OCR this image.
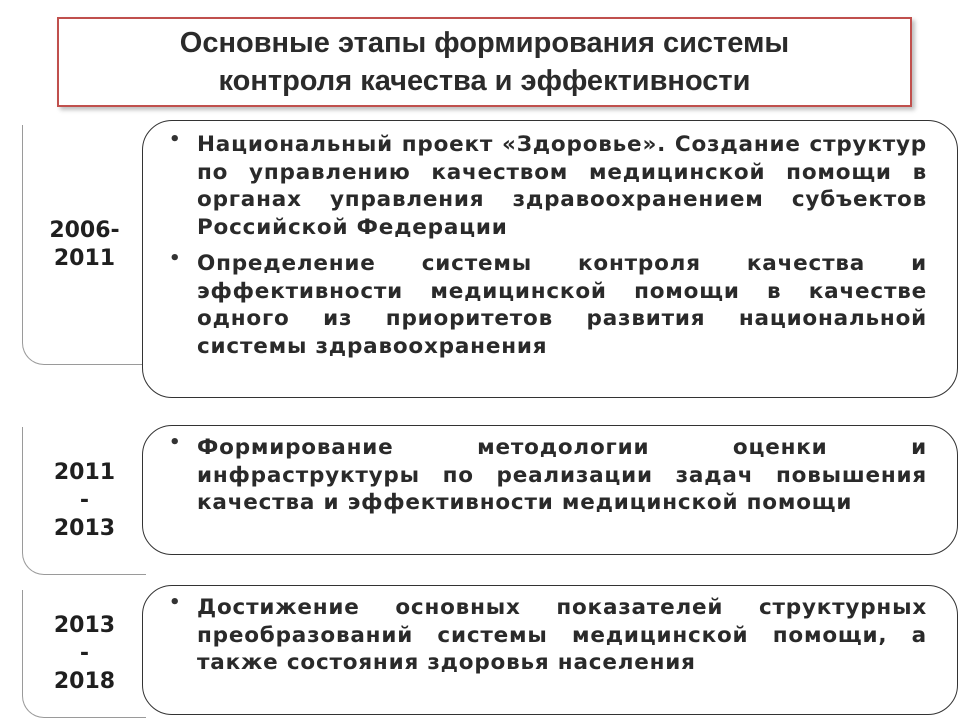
Основные этапы формирования системы
контроля качества и эффективности
2006-
2011
• Национальный проект «Здоровье». Создание структур по управлению качеством медицинской помощи в органах управления здравоохранением субъектов Российской Федерации
• Определение системы контроля качества и эффективности медицинской помощи в качестве одного из приоритетов развития национальной системы здравоохранения
2011
-
2013
• Формирование методологии оценки и инфраструктуры по реализации задач повышения качества и эффективности медицинской помощи
2013
-
2018
• Достижение основных показателей структурных преобразований системы медицинской помощи, а также состояния здоровья населения
